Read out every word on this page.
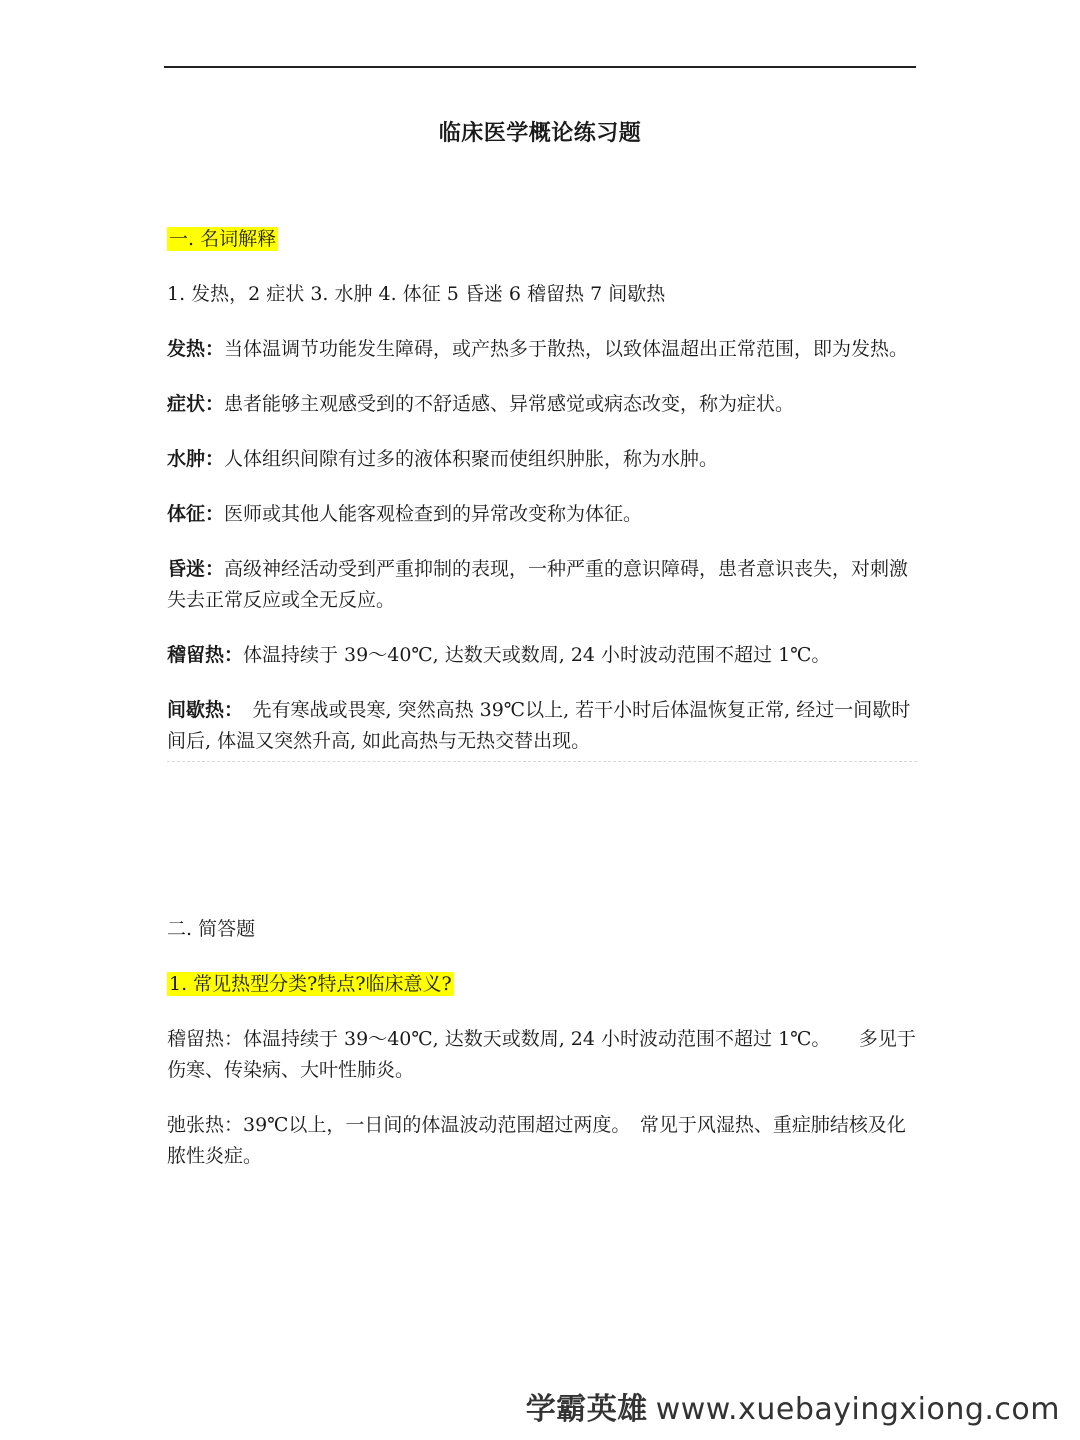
临床医学概论练习题

一. 名词解释

1. 发热，2 症状 3. 水肿 4. 体征 5 昏迷 6 稽留热 7 间歇热

发热：当体温调节功能发生障碍，或产热多于散热，以致体温超出正常范围，即为发热。

症状：患者能够主观感受到的不舒适感、异常感觉或病态改变，称为症状。

水肿：人体组织间隙有过多的液体积聚而使组织肿胀，称为水肿。

体征：医师或其他人能客观检查到的异常改变称为体征。

昏迷：高级神经活动受到严重抑制的表现，一种严重的意识障碍，患者意识丧失，对刺激失去正常反应或全无反应。

稽留热：体温持续于 39～40℃, 达数天或数周, 24 小时波动范围不超过 1℃。

间歇热：　先有寒战或畏寒, 突然高热 39℃以上, 若干小时后体温恢复正常, 经过一间歇时间后, 体温又突然升高, 如此高热与无热交替出现。

二. 简答题

1. 常见热型分类?特点?临床意义?

稽留热：体温持续于 39～40℃, 达数天或数周, 24 小时波动范围不超过 1℃。　　多见于伤寒、传染病、大叶性肺炎。

弛张热：39℃以上，一日间的体温波动范围超过两度。　常见于风湿热、重症肺结核及化脓性炎症。

学霸英雄 www.xuebayingxiong.com
